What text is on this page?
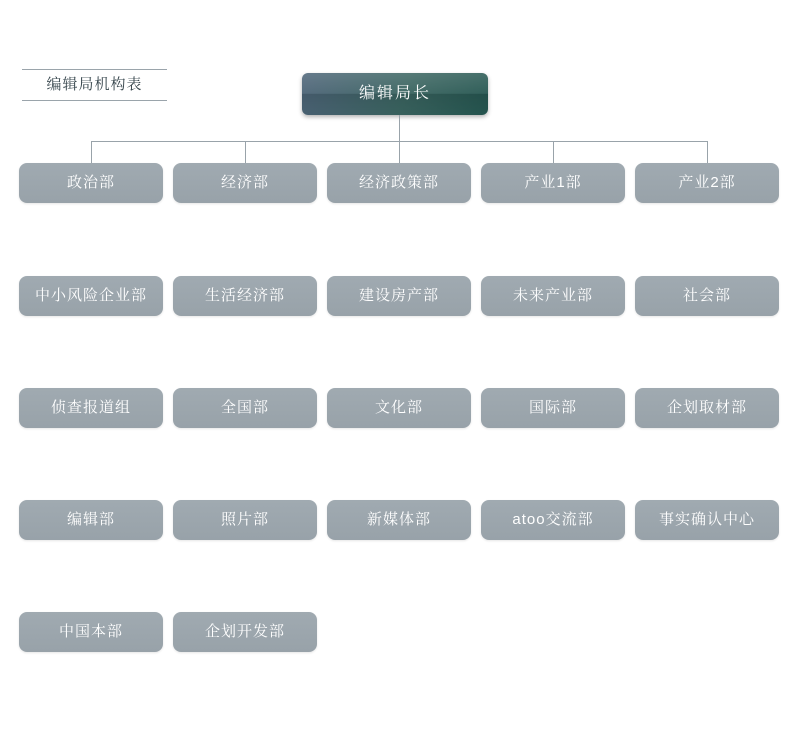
编辑局机构表
编辑局长
政治部	经济部	经济政策部	产业1部	产业2部
中小风险企业部	生活经济部	建设房产部	未来产业部	社会部
侦查报道组	全国部	文化部	国际部	企划取材部
编辑部	照片部	新媒体部	atoo交流部	事实确认中心
中国本部	企划开发部
